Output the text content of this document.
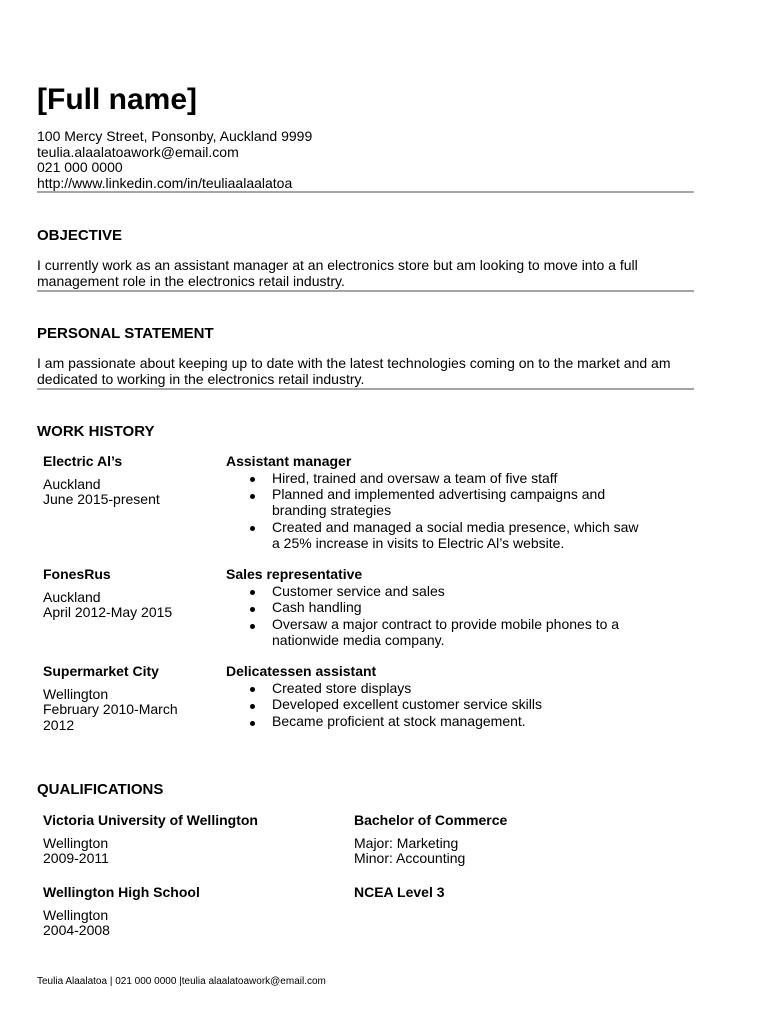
[Full name]
100 Mercy Street, Ponsonby, Auckland 9999
teulia.alaalatoawork@email.com
021 000 0000
http://www.linkedin.com/in/teuliaalaalatoa
OBJECTIVE

I currently work as an assistant manager at an electronics store but am looking to move into a full management role in the electronics retail industry.

PERSONAL STATEMENT

I am passionate about keeping up to date with the latest technologies coming on to the market and am dedicated to working in the electronics retail industry.

WORK HISTORY
Electric Al’s
Auckland
June 2015-present
Assistant manager
Hired, trained and oversaw a team of five staff
Planned and implemented advertising campaigns and branding strategies
Created and managed a social media presence, which saw a 25% increase in visits to Electric Al’s website.
FonesRus
Auckland
April 2012-May 2015
Sales representative
Customer service and sales
Cash handling
Oversaw a major contract to provide mobile phones to a nationwide media company.
Supermarket City
Wellington
February 2010-March 2012
Delicatessen assistant
Created store displays
Developed excellent customer service skills
Became proficient at stock management.
QUALIFICATIONS
Victoria University of Wellington
Wellington
2009-2011
Bachelor of Commerce
Major: Marketing
Minor: Accounting
Wellington High School
Wellington
2004-2008
NCEA Level 3
Teulia Alaalatoa | 021 000 0000 |teulia alaalatoawork@email.com
